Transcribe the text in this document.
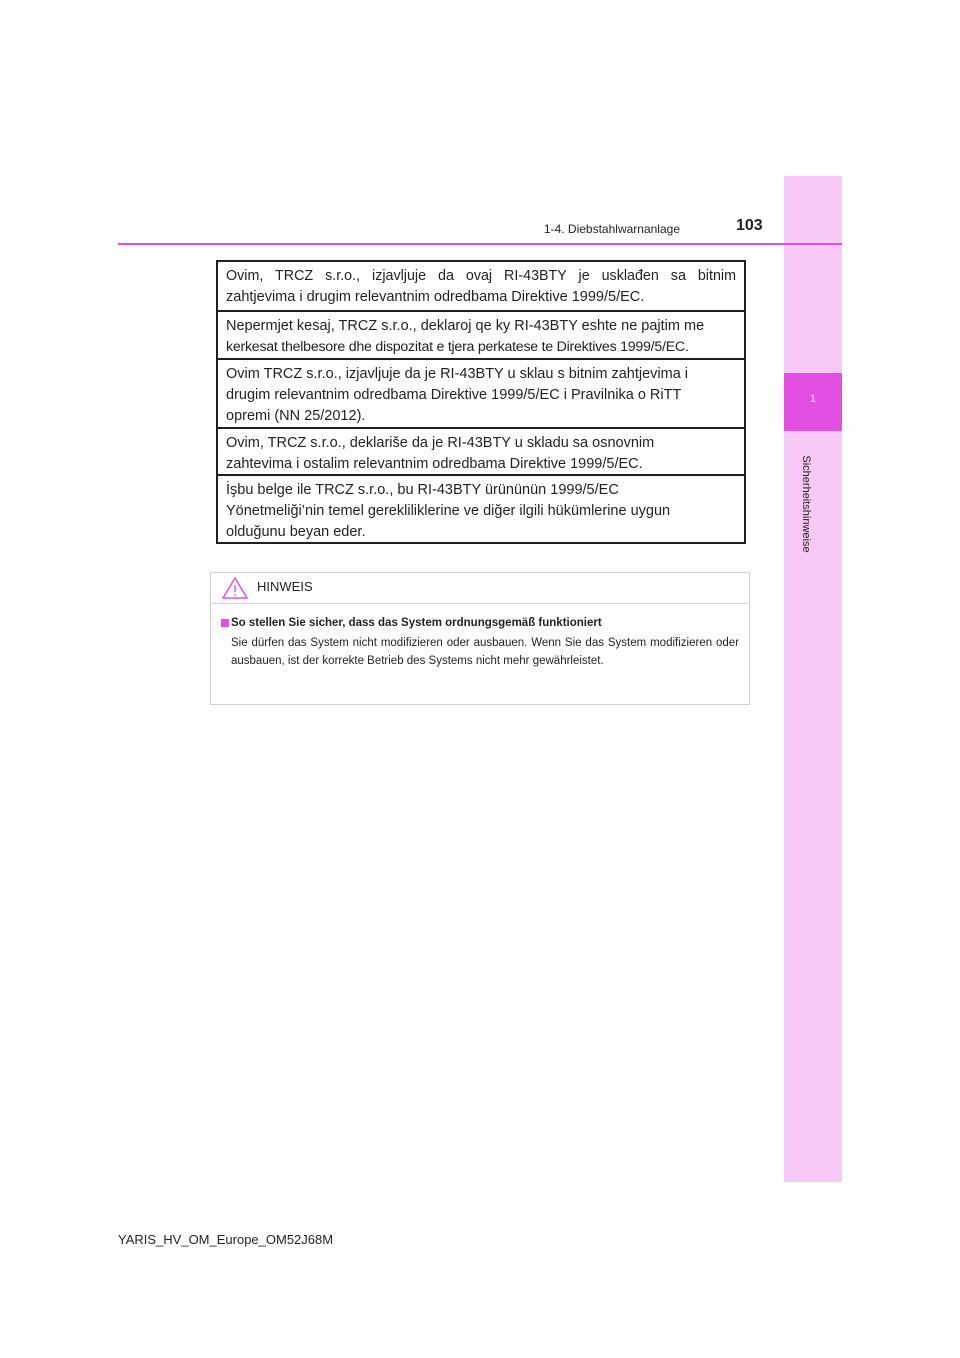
1
Sicherheitshinweise
1-4. Diebstahlwarnanlage	103
Ovim, TRCZ s.r.o., izjavljuje da ovaj RI-43BTY je usklađen sa bitnim
zahtjevima i drugim relevantnim odredbama Direktive 1999/5/EC.
Nepermjet kesaj, TRCZ s.r.o., deklaroj qe ky RI-43BTY eshte ne pajtim me
kerkesat thelbesore dhe dispozitat e tjera perkatese te Direktives 1999/5/EC.
Ovim TRCZ s.r.o., izjavljuje da je RI-43BTY u sklau s bitnim zahtjevima i
drugim relevantnim odredbama Direktive 1999/5/EC i Pravilnika o RiTT
opremi (NN 25/2012).
Ovim, TRCZ s.r.o., deklariše da je RI-43BTY u skladu sa osnovnim
zahtevima i ostalim relevantnim odredbama Direktive 1999/5/EC.
İşbu belge ile TRCZ s.r.o., bu RI-43BTY ürününün 1999/5/EC
Yönetmeliği’nin temel gerekliliklerine ve diğer ilgili hükümlerine uygun
olduğunu beyan eder.
HINWEIS
So stellen Sie sicher, dass das System ordnungsgemäß funktioniert
Sie dürfen das System nicht modifizieren oder ausbauen. Wenn Sie das System modifizieren oder ausbauen, ist der korrekte Betrieb des Systems nicht mehr gewährleistet.
YARIS_HV_OM_Europe_OM52J68M
